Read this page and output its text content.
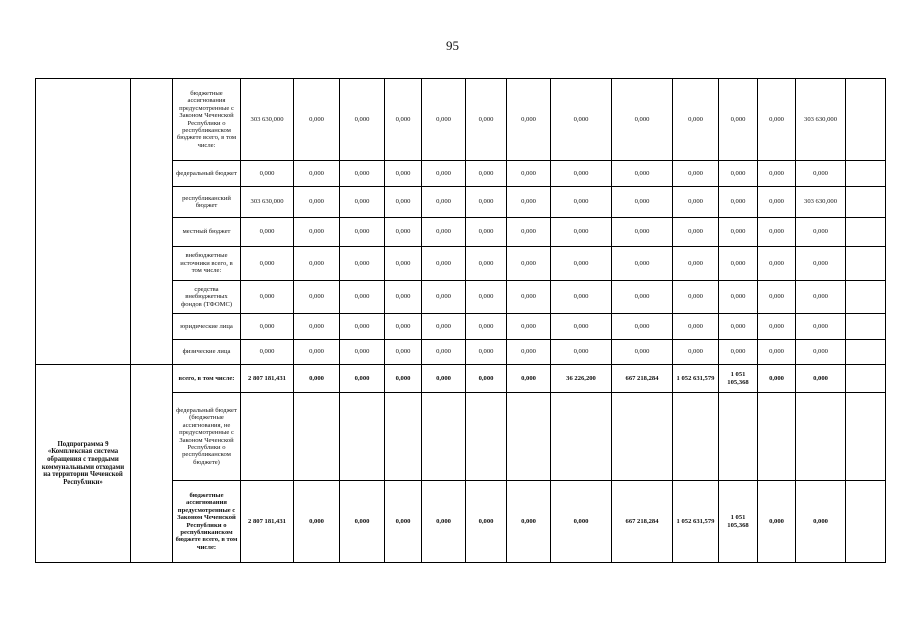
95
		бюджетные ассигнования предусмотренные с Законом Чеченской Республики о республиканском бюджете всего, в том числе:	303 630,000	0,000	0,000	0,000	0,000	0,000	0,000	0,000	0,000	0,000	0,000	0,000	303 630,000	
		федеральный бюджет	0,000	0,000	0,000	0,000	0,000	0,000	0,000	0,000	0,000	0,000	0,000	0,000	0,000	
		республиканский бюджет	303 630,000	0,000	0,000	0,000	0,000	0,000	0,000	0,000	0,000	0,000	0,000	0,000	303 630,000	
		местный бюджет	0,000	0,000	0,000	0,000	0,000	0,000	0,000	0,000	0,000	0,000	0,000	0,000	0,000	
		внебюджетные источники всего, в том числе:	0,000	0,000	0,000	0,000	0,000	0,000	0,000	0,000	0,000	0,000	0,000	0,000	0,000	
		средства внебюджетных фондов (ТФОМС)	0,000	0,000	0,000	0,000	0,000	0,000	0,000	0,000	0,000	0,000	0,000	0,000	0,000	
		юридические лица	0,000	0,000	0,000	0,000	0,000	0,000	0,000	0,000	0,000	0,000	0,000	0,000	0,000	
		физические лица	0,000	0,000	0,000	0,000	0,000	0,000	0,000	0,000	0,000	0,000	0,000	0,000	0,000	
Подпрограмма 9 «Комплексная система обращения с твердыми коммунальными отходами на территории Чеченской Республики»		всего, в том числе:	2 807 181,431	0,000	0,000	0,000	0,000	0,000	0,000	36 226,200	667 218,284	1 052 631,579	1 051 105,368	0,000	0,000	
		федеральный бюджет (бюджетные ассигнования, не предусмотренные с Законом Чеченской Республики о республиканском бюджете)														
		бюджетные ассигнования предусмотренные с Законом Чеченской Республики о республиканском бюджете всего, в том числе:	2 807 181,431	0,000	0,000	0,000	0,000	0,000	0,000	0,000	667 218,284	1 052 631,579	1 051 105,368	0,000	0,000	
